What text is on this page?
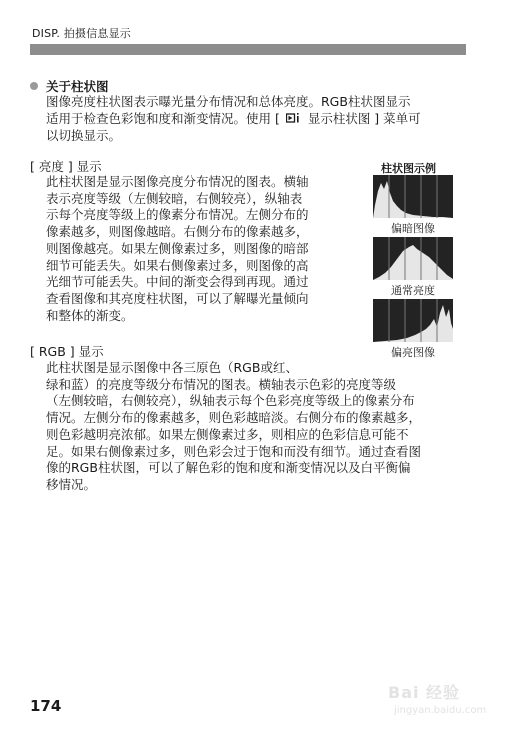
DISP. 拍摄信息显示
关于柱状图
图像亮度柱状图表示曝光量分布情况和总体亮度。RGB柱状图显示
适用于检查色彩饱和度和渐变情况。使用 [ 显示柱状图 ] 菜单可
以切换显示。
[ 亮度 ] 显示
此柱状图是显示图像亮度分布情况的图表。横轴
表示亮度等级（左侧较暗，右侧较亮），纵轴表
示每个亮度等级上的像素分布情况。左侧分布的
像素越多，则图像越暗。右侧分布的像素越多，
则图像越亮。如果左侧像素过多，则图像的暗部
细节可能丢失。如果右侧像素过多，则图像的高
光细节可能丢失。中间的渐变会得到再现。通过
查看图像和其亮度柱状图，可以了解曝光量倾向
和整体的渐变。
柱状图示例
偏暗图像
通常亮度
偏亮图像
[ RGB ] 显示
此柱状图是显示图像中各三原色（RGB或红、
绿和蓝）的亮度等级分布情况的图表。横轴表示色彩的亮度等级
（左侧较暗，右侧较亮），纵轴表示每个色彩亮度等级上的像素分布
情况。左侧分布的像素越多，则色彩越暗淡。右侧分布的像素越多，
则色彩越明亮浓郁。如果左侧像素过多，则相应的色彩信息可能不
足。如果右侧像素过多，则色彩会过于饱和而没有细节。通过查看图
像的RGB柱状图，可以了解色彩的饱和度和渐变情况以及白平衡偏
移情况。
174
Bai 经验
jingyan.baidu.com
